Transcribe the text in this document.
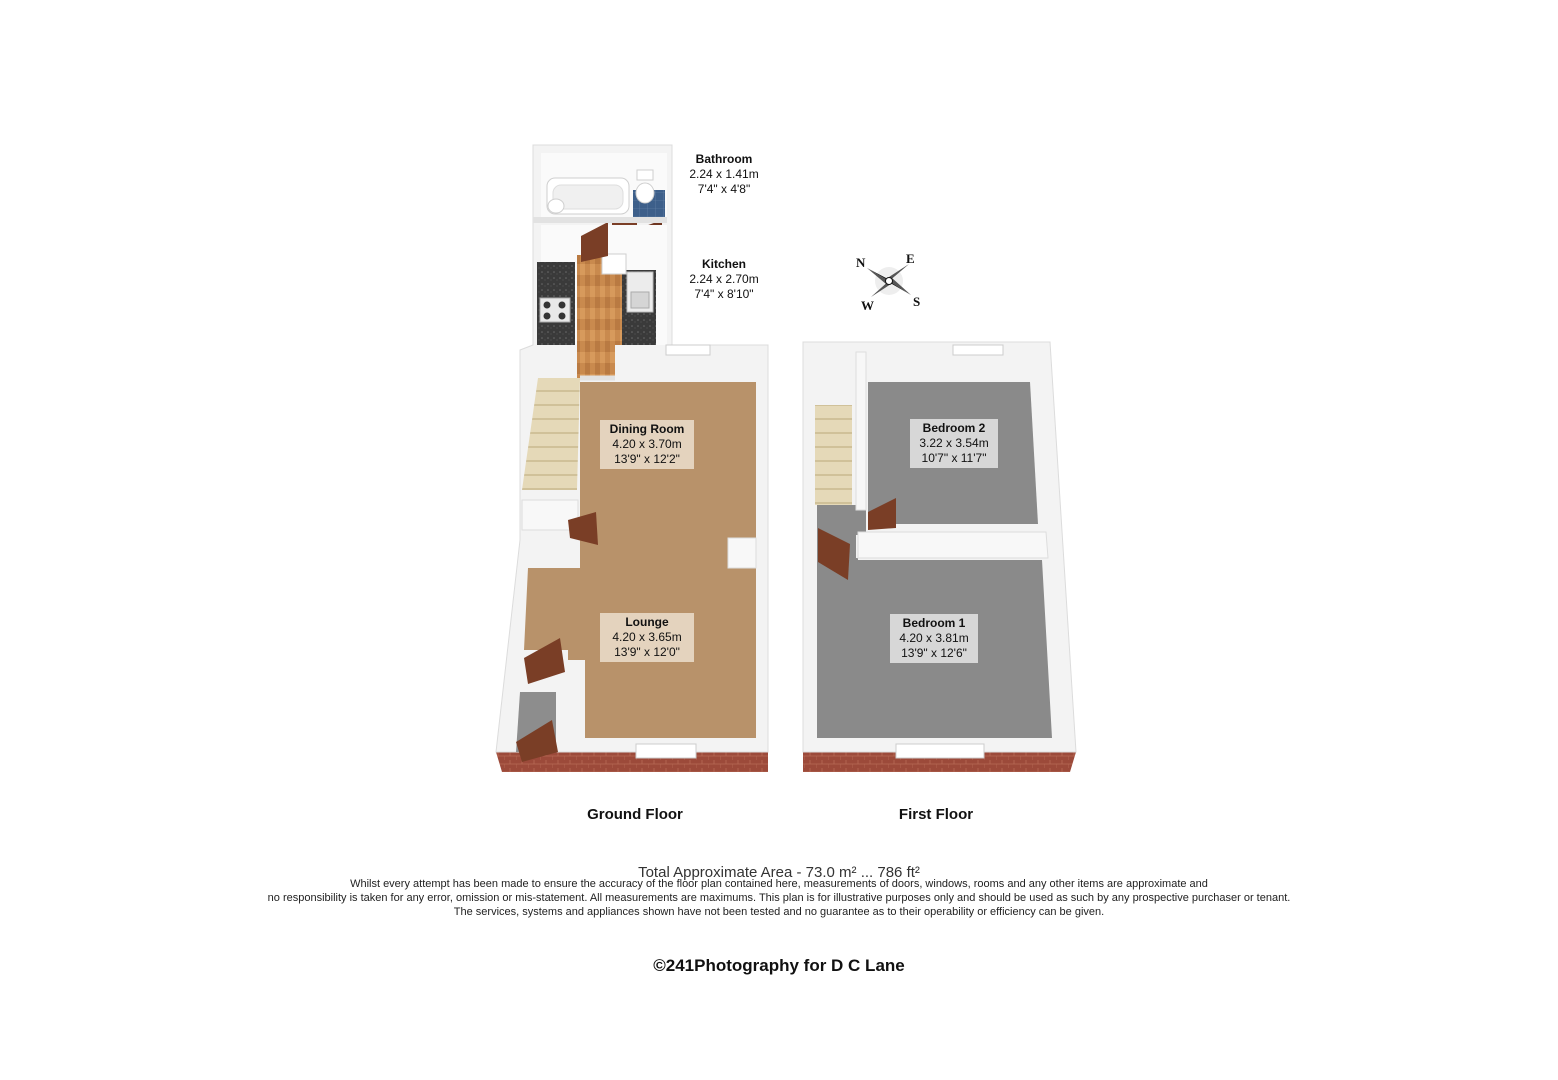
N	E
S
W
Bathroom
2.24 x 1.41m
7'4" x 4'8"
Kitchen
2.24 x 2.70m
7'4" x 8'10"
Dining Room
4.20 x 3.70m
13'9" x 12'2"
Lounge
4.20 x 3.65m
13'9" x 12'0"
Bedroom 2
3.22 x 3.54m
10'7" x 11'7"
Bedroom 1
4.20 x 3.81m
13'9" x 12'6"
Ground Floor	First Floor
Total Approximate Area - 73.0 m² ... 786 ft²
Whilst every attempt has been made to ensure the accuracy of the floor plan contained here, measurements of doors, windows, rooms and any other items are approximate and
no responsibility is taken for any error, omission or mis-statement. All measurements are maximums. This plan is for illustrative purposes only and should be used as such by any prospective purchaser or tenant.
The services, systems and appliances shown have not been tested and no guarantee as to their operability or efficiency can be given.
©241Photography for D C Lane
